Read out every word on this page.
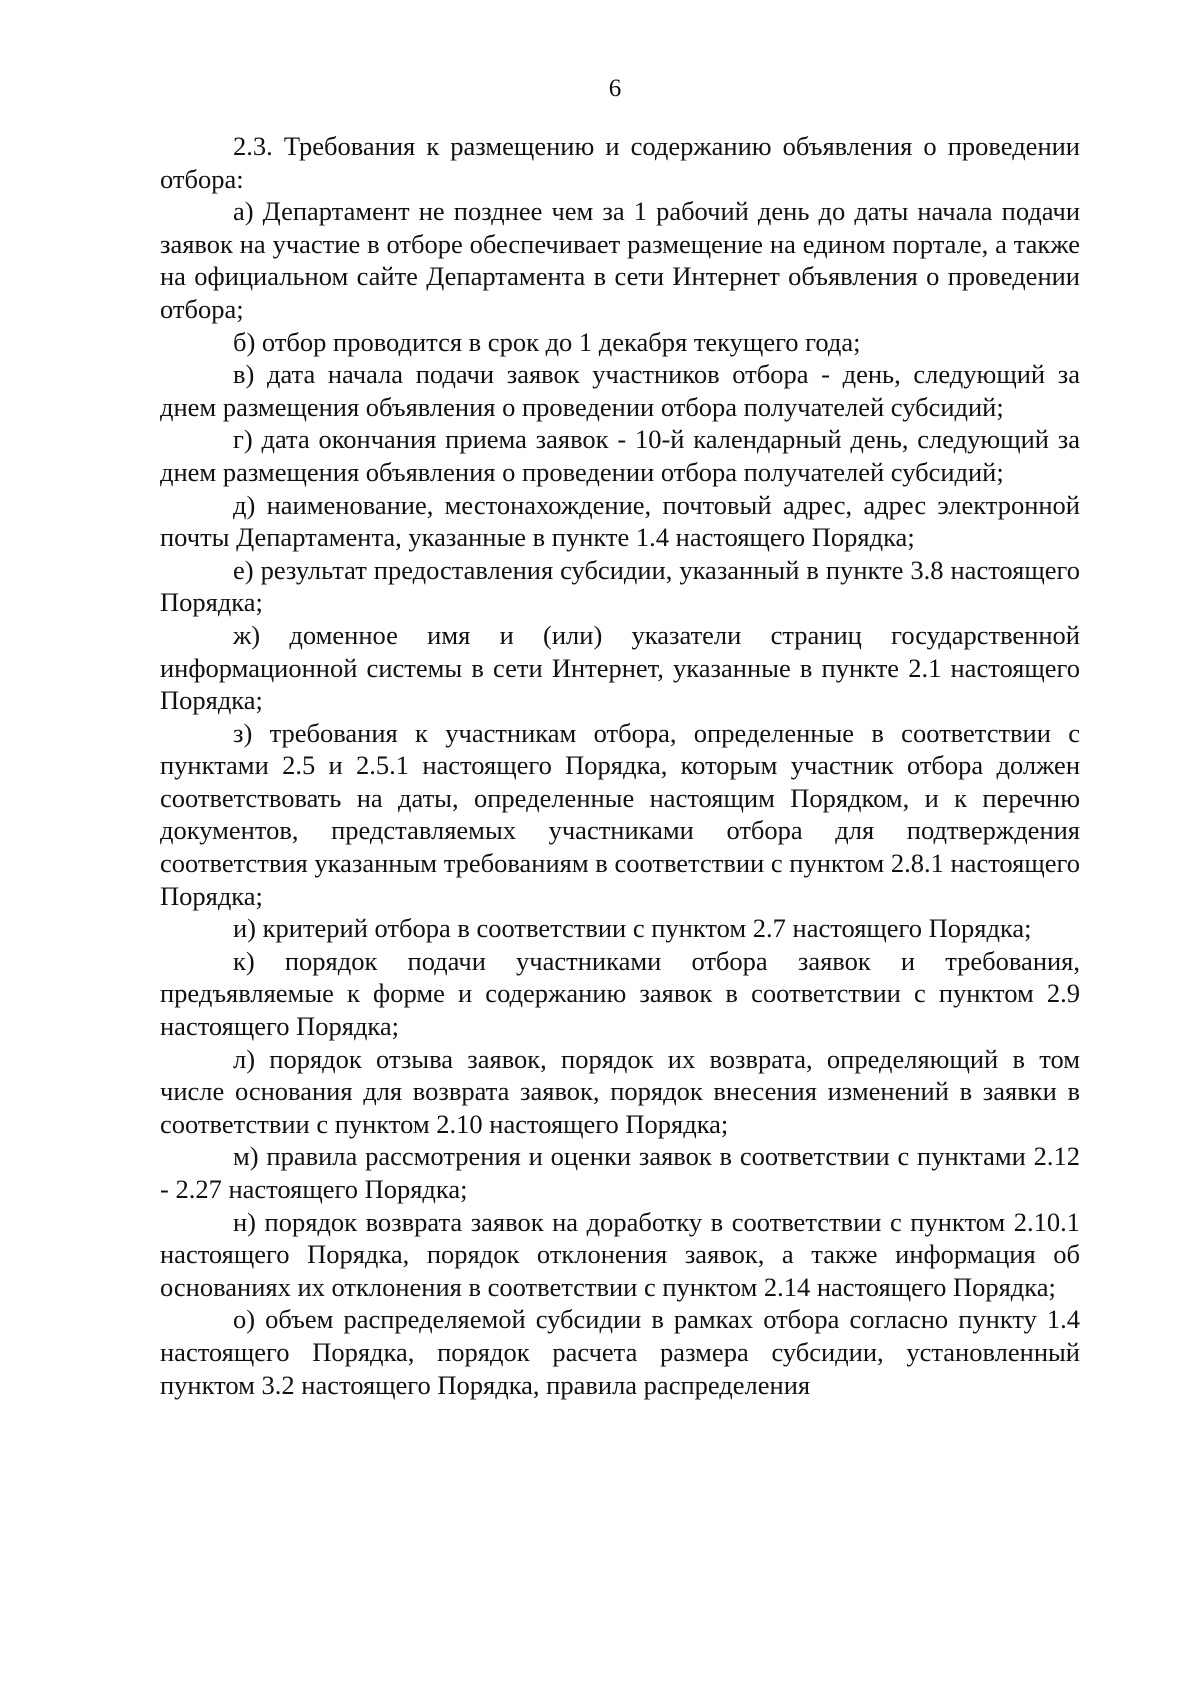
6

2.3. Требования к размещению и содержанию объявления о проведении отбора:

а) Департамент не позднее чем за 1 рабочий день до даты начала подачи заявок на участие в отборе обеспечивает размещение на едином портале, а также на официальном сайте Департамента в сети Интернет объявления о проведении отбора;

б) отбор проводится в срок до 1 декабря текущего года;

в) дата начала подачи заявок участников отбора - день, следующий за днем размещения объявления о проведении отбора получателей субсидий;

г) дата окончания приема заявок - 10-й календарный день, следующий за днем размещения объявления о проведении отбора получателей субсидий;

д) наименование, местонахождение, почтовый адрес, адрес электронной почты Департамента, указанные в пункте 1.4 настоящего Порядка;

е) результат предоставления субсидии, указанный в пункте 3.8 настоящего Порядка;

ж) доменное имя и (или) указатели страниц государственной информационной системы в сети Интернет, указанные в пункте 2.1 настоящего Порядка;

з) требования к участникам отбора, определенные в соответствии с пунктами 2.5 и 2.5.1 настоящего Порядка, которым участник отбора должен соответствовать на даты, определенные настоящим Порядком, и к перечню документов, представляемых участниками отбора для подтверждения соответствия указанным требованиям в соответствии с пунктом 2.8.1 настоящего Порядка;

и) критерий отбора в соответствии с пунктом 2.7 настоящего Порядка;

к) порядок подачи участниками отбора заявок и требования, предъявляемые к форме и содержанию заявок в соответствии с пунктом 2.9 настоящего Порядка;

л) порядок отзыва заявок, порядок их возврата, определяющий в том числе основания для возврата заявок, порядок внесения изменений в заявки в соответствии с пунктом 2.10 настоящего Порядка;

м) правила рассмотрения и оценки заявок в соответствии с пунктами 2.12 - 2.27 настоящего Порядка;

н) порядок возврата заявок на доработку в соответствии с пунктом 2.10.1 настоящего Порядка, порядок отклонения заявок, а также информация об основаниях их отклонения в соответствии с пунктом 2.14 настоящего Порядка;

о) объем распределяемой субсидии в рамках отбора согласно пункту 1.4 настоящего Порядка, порядок расчета размера субсидии, установленный пунктом 3.2 настоящего Порядка, правила распределения
